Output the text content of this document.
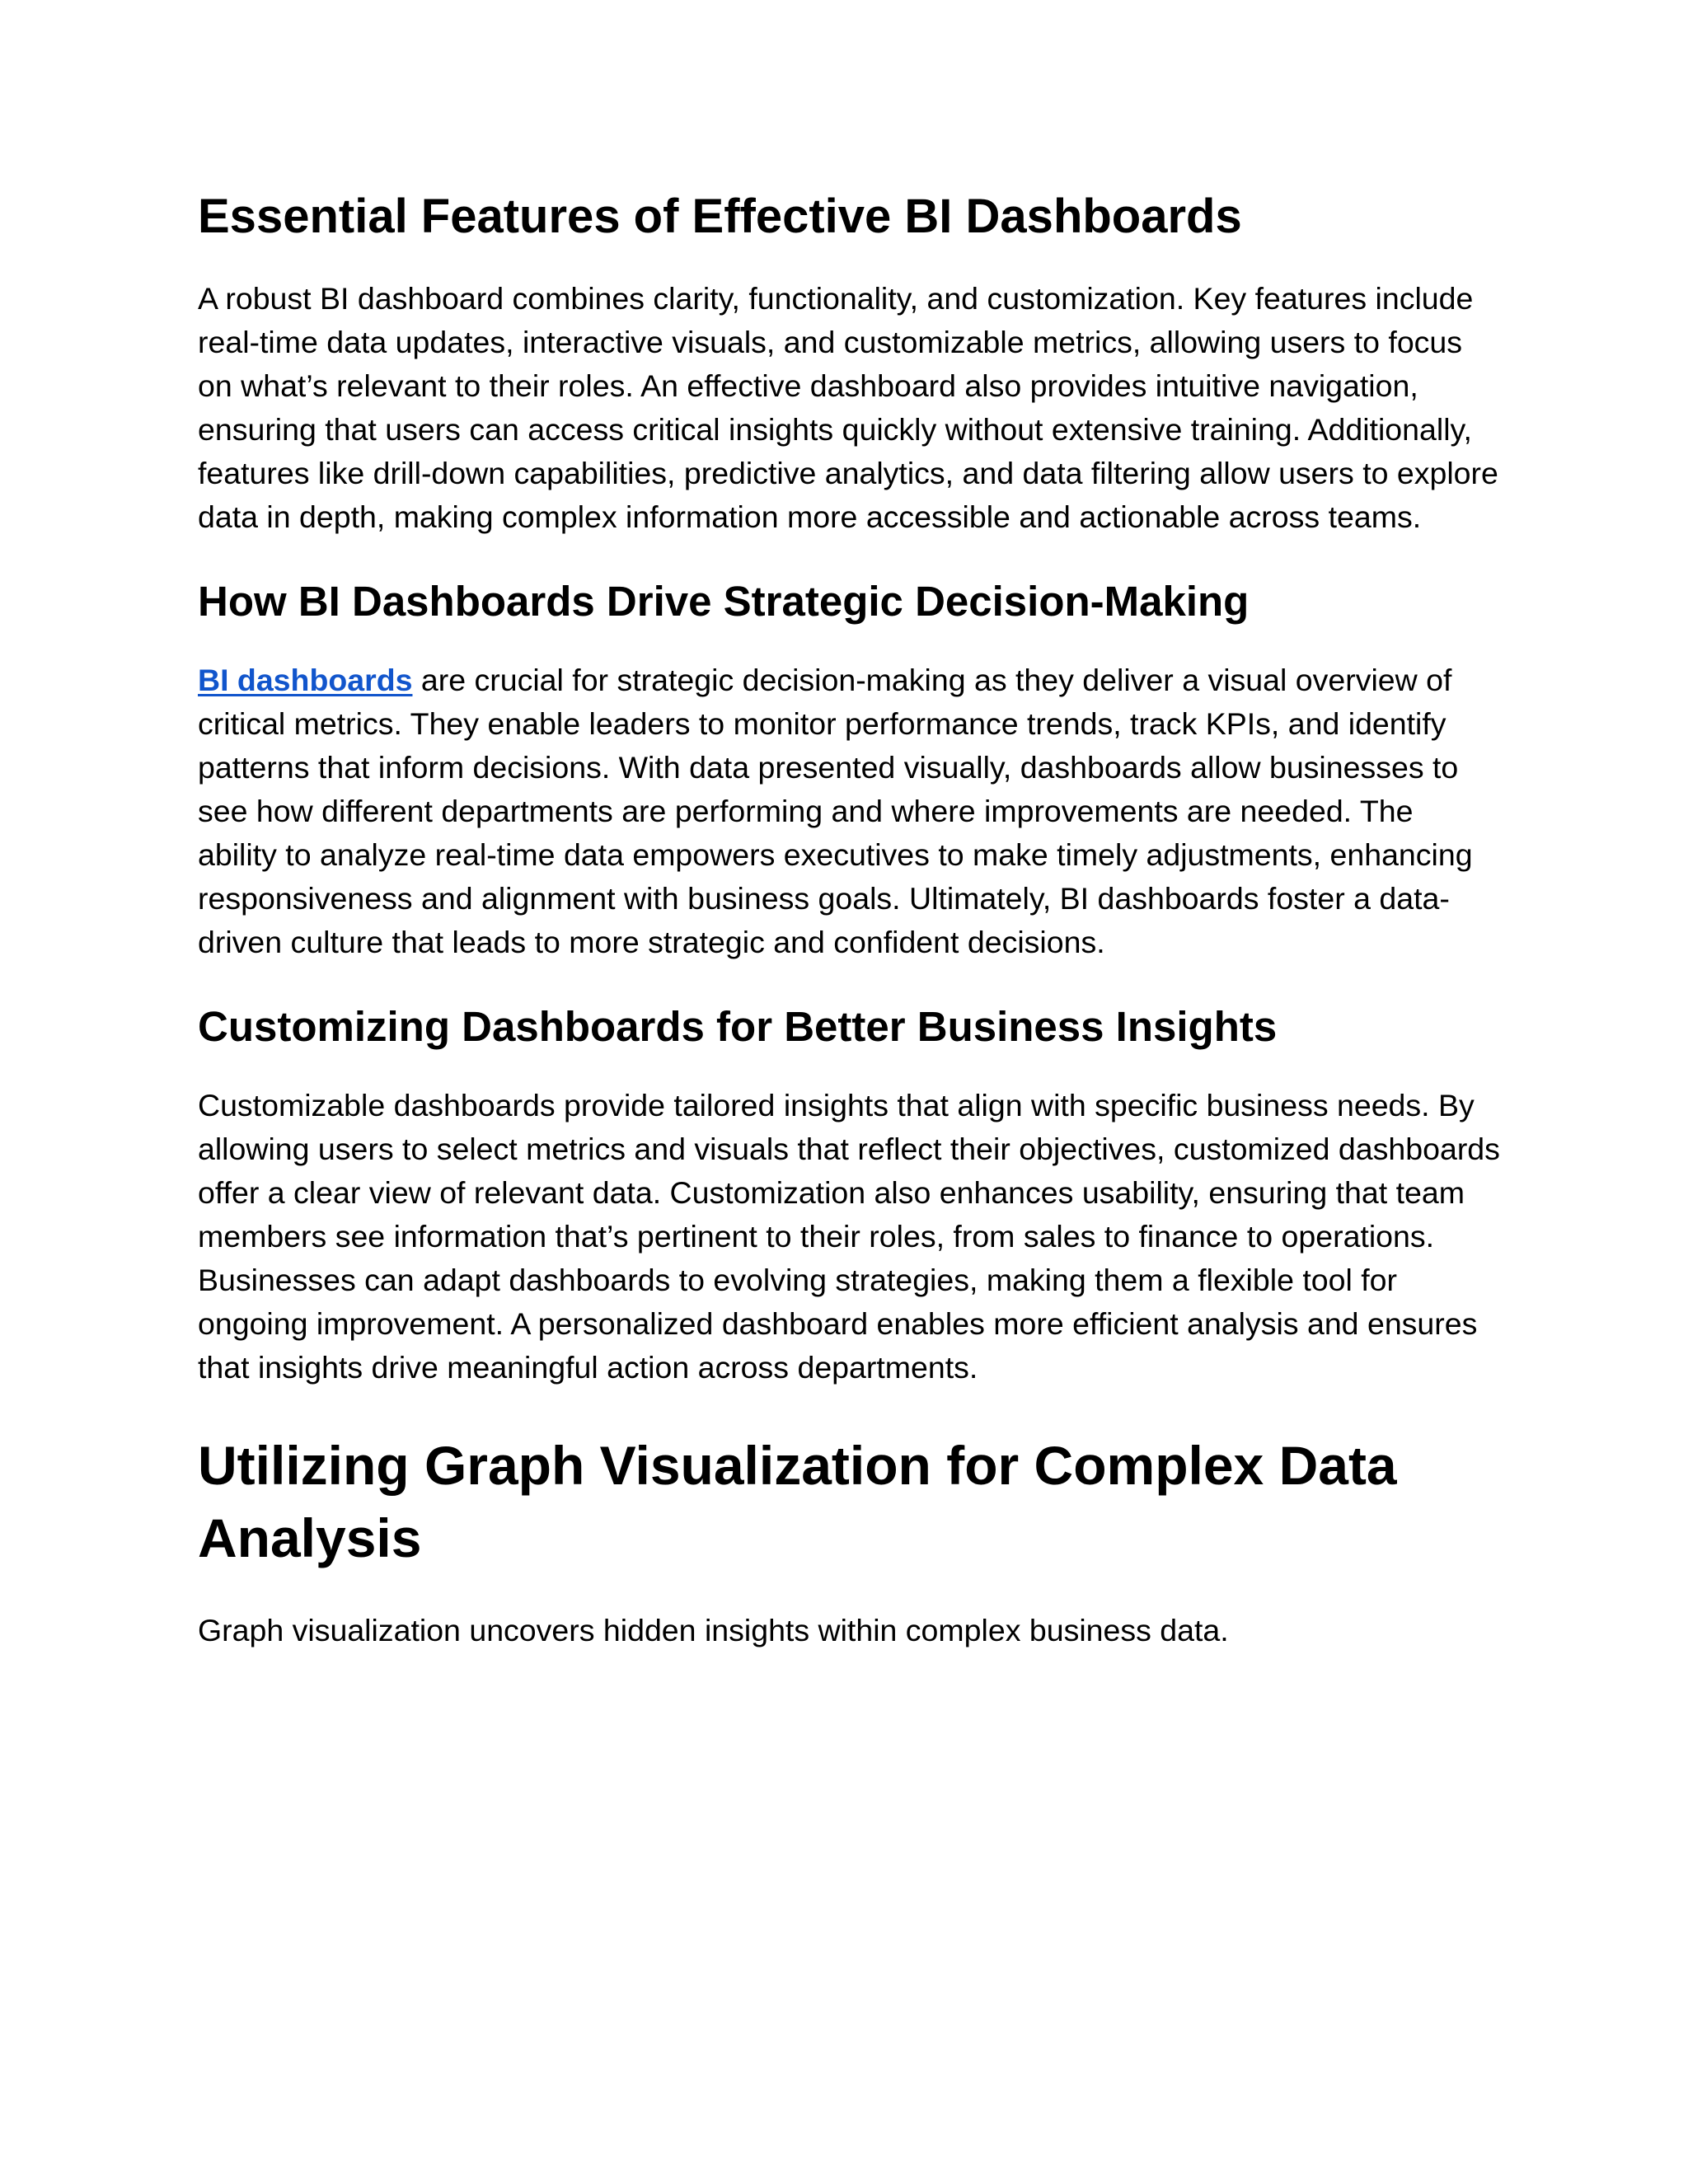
Essential Features of Effective BI Dashboards

A robust BI dashboard combines clarity, functionality, and customization. Key features include real-time data updates, interactive visuals, and customizable metrics, allowing users to focus on what’s relevant to their roles. An effective dashboard also provides intuitive navigation, ensuring that users can access critical insights quickly without extensive training. Additionally, features like drill-down capabilities, predictive analytics, and data filtering allow users to explore data in depth, making complex information more accessible and actionable across teams.

How BI Dashboards Drive Strategic Decision-Making

BI dashboards are crucial for strategic decision-making as they deliver a visual overview of critical metrics. They enable leaders to monitor performance trends, track KPIs, and identify patterns that inform decisions. With data presented visually, dashboards allow businesses to see how different departments are performing and where improvements are needed. The ability to analyze real-time data empowers executives to make timely adjustments, enhancing responsiveness and alignment with business goals. Ultimately, BI dashboards foster a data-driven culture that leads to more strategic and confident decisions.

Customizing Dashboards for Better Business Insights

Customizable dashboards provide tailored insights that align with specific business needs. By allowing users to select metrics and visuals that reflect their objectives, customized dashboards offer a clear view of relevant data. Customization also enhances usability, ensuring that team members see information that’s pertinent to their roles, from sales to finance to operations. Businesses can adapt dashboards to evolving strategies, making them a flexible tool for ongoing improvement. A personalized dashboard enables more efficient analysis and ensures that insights drive meaningful action across departments.

Utilizing Graph Visualization for Complex Data Analysis

Graph visualization uncovers hidden insights within complex business data.
